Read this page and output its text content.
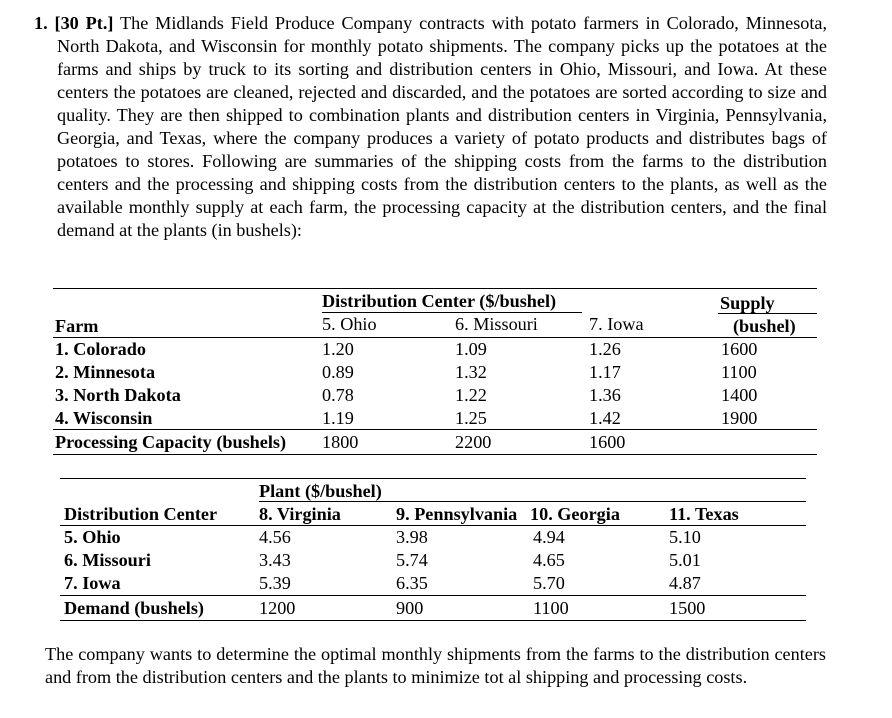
1. [30 Pt.] The Midlands Field Produce Company contracts with potato farmers in Colorado, Minnesota, North Dakota, and Wisconsin for monthly potato shipments. The company picks up the potatoes at the farms and ships by truck to its sorting and distribution centers in Ohio, Missouri, and Iowa. At these centers the potatoes are cleaned, rejected and discarded, and the potatoes are sorted according to size and quality. They are then shipped to combination plants and distribution centers in Virginia, Pennsylvania, Georgia, and Texas, where the company produces a variety of potato products and distributes bags of potatoes to stores. Following are summaries of the shipping costs from the farms to the distribution centers and the processing and shipping costs from the distribution centers to the plants, as well as the available monthly supply at each farm, the processing capacity at the distribution centers, and the final demand at the plants (in bushels):
Distribution Center ($/bushel)	Supply
(bushel)
Farm	5. Ohio	6. Missouri	7. Iowa
1. Colorado	1.20	1.09	1.26	1600
2. Minnesota	0.89	1.32	1.17	1100
3. North Dakota	0.78	1.22	1.36	1400
4. Wisconsin	1.19	1.25	1.42	1900
Processing Capacity (bushels) 1800	2200	1600
Plant ($/bushel)
Distribution Center 8. Virginia	9. Pennsylvania 10. Georgia	11. Texas
5. Ohio	4.56	3.98	4.94	5.10
6. Missouri	3.43	5.74	4.65	5.01
7. Iowa	5.39	6.35	5.70	4.87
Demand (bushels)	1200	900	1100	1500
The company wants to determine the optimal monthly shipments from the farms to the distribution centers and from the distribution centers and the plants to minimize tot al shipping and processing costs.
